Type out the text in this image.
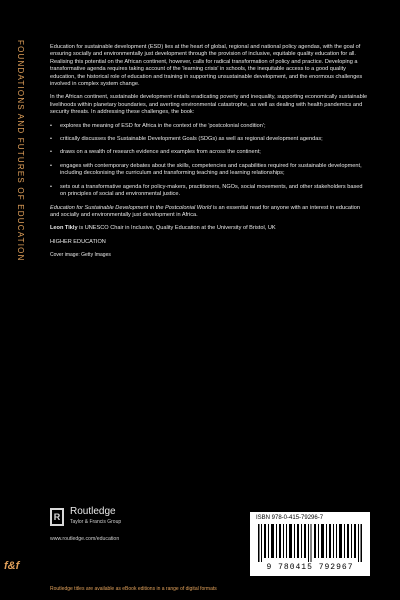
FOUNDATIONS AND FUTURES OF EDUCATION
f&f

Education for sustainable development (ESD) lies at the heart of global, regional and national policy agendas, with the goal of ensuring socially and environmentally just development through the provision of inclusive, equitable quality education for all. Realising this potential on the African continent, however, calls for radical transformation of policy and practice. Developing a transformative agenda requires taking account of the 'learning crisis' in schools, the inequitable access to a good quality education, the historical role of education and training in supporting unsustainable development, and the enormous challenges involved in complex system change.

In the African continent, sustainable development entails eradicating poverty and inequality, supporting economically sustainable livelihoods within planetary boundaries, and averting environmental catastrophe, as well as dealing with health pandemics and security threats. In addressing these challenges, the book:

• explores the meaning of ESD for Africa in the context of the 'postcolonial condition';
• critically discusses the Sustainable Development Goals (SDGs) as well as regional development agendas;
• draws on a wealth of research evidence and examples from across the continent;
• engages with contemporary debates about the skills, competencies and capabilities required for sustainable development, including decolonising the curriculum and transforming teaching and learning relationships;
• sets out a transformative agenda for policy-makers, practitioners, NGOs, social movements, and other stakeholders based on principles of social and environmental justice.

Education for Sustainable Development in the Postcolonial World is an essential read for anyone with an interest in education and socially and environmentally just development in Africa.

Leon Tikly is UNESCO Chair in Inclusive, Quality Education at the University of Bristol, UK

HIGHER EDUCATION

Cover image: Getty Images

R Routledge
Taylor & Francis Group
www.routledge.com/education
ISBN 978-0-415-79296-7
9 780415 792967
Routledge titles are available as eBook editions in a range of digital formats
